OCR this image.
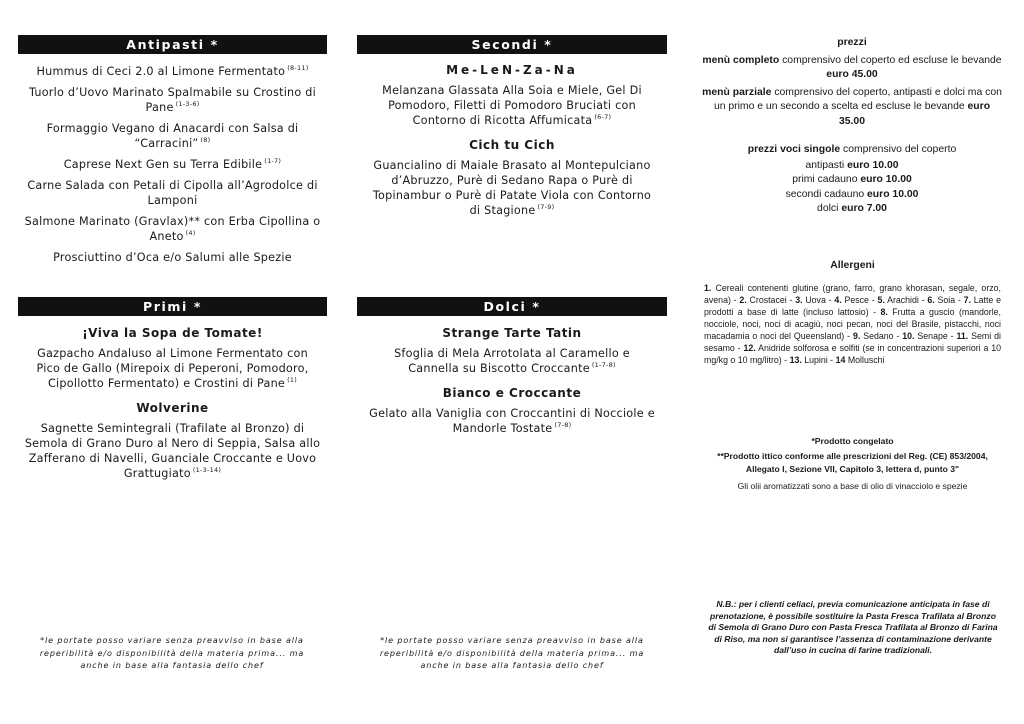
Antipasti *

Hummus di Ceci 2.0 al Limone Fermentato $^{(8-11)}$

Tuorlo d’Uovo Marinato Spalmabile su Crostino di Pane $^{(1-3-6)}$

Formaggio Vegano di Anacardi con Salsa di “Carracini” $^{(8)}$

Caprese Next Gen su Terra Edibile $^{(1-7)}$

Carne Salada con Petali di Cipolla all’Agrodolce di Lamponi

Salmone Marinato (Gravlax)** con Erba Cipollina o Aneto $^{(4)}$

Prosciuttino d’Oca e/o Salumi alle Spezie

Primi *
¡Viva la Sopa de Tomate!

Gazpacho Andaluso al Limone Fermentato con Pico de Gallo (Mirepoix di Peperoni, Pomodoro, Cipollotto Fermentato) e Crostini di Pane $^{(1)}$

Wolverine

Sagnette Semintegrali (Trafilate al Bronzo) di Semola di Grano Duro al Nero di Seppia, Salsa allo Zafferano di Navelli, Guanciale Croccante e Uovo Grattugiato $^{(1-3-14)}$

*le portate posso variare senza preavviso in base alla reperibilità e/o disponibilità della materia prima... ma anche in base alla fantasia dello chef
Secondi *
Me-LeN-Za-Na

Melanzana Glassata Alla Soia e Miele, Gel Di Pomodoro, Filetti di Pomodoro Bruciati con Contorno di Ricotta Affumicata $^{(6-7)}$

Cich tu Cich

Guancialino di Maiale Brasato al Montepulciano d’Abruzzo, Purè di Sedano Rapa o Purè di Topinambur o Purè di Patate Viola con Contorno di Stagione $^{(7-9)}$

Dolci *
Strange Tarte Tatin

Sfoglia di Mela Arrotolata al Caramello e Cannella su Biscotto Croccante $^{(1-7-8)}$

Bianco e Croccante

Gelato alla Vaniglia con Croccantini di Nocciole e Mandorle Tostate $^{(7-8)}$

*le portate posso variare senza preavviso in base alla reperibilità e/o disponibilità della materia prima... ma anche in base alla fantasia dello chef
prezzi
menù completo comprensivo del coperto ed escluse le bevande euro 45.00
menù parziale comprensivo del coperto, antipasti e dolci ma con un primo e un secondo a scelta ed escluse le bevande euro 35.00
prezzi voci singole comprensivo del coperto
antipasti euro 10.00
primi cadauno euro 10.00
secondi cadauno euro 10.00
dolci euro 7.00
Allergeni
1. Cereali contenenti glutine (grano, farro, grano khorasan, segale, orzo, avena) - 2. Crostacei - 3. Uova - 4. Pesce - 5. Arachidi - 6. Soia - 7. Latte e prodotti a base di latte (incluso lattosio) - 8. Frutta a guscio (mandorle, nocciole, noci, noci di acagiù, noci pecan, noci del Brasile, pistacchi, noci macadamia o noci del Queensland) - 9. Sedano - 10. Senape - 11. Semi di sesamo - 12. Anidride solforosa e solfiti (se in concentrazioni superiori a 10 mg/kg o 10 mg/litro) - 13. Lupini - 14 Molluschi
*Prodotto congelato
**Prodotto ittico conforme alle prescrizioni del Reg. (CE) 853/2004, Allegato I, Sezione VII, Capitolo 3, lettera d, punto 3"
Gli olii aromatizzati sono a base di olio di vinacciolo e spezie
N.B.: per i clienti celiaci, previa comunicazione anticipata in fase di prenotazione, è possibile sostituire la Pasta Fresca Trafilata al Bronzo di Semola di Grano Duro con Pasta Fresca Trafilata al Bronzo di Farina di Riso, ma non si garantisce l’assenza di contaminazione derivante dall’uso in cucina di farine tradizionali.
